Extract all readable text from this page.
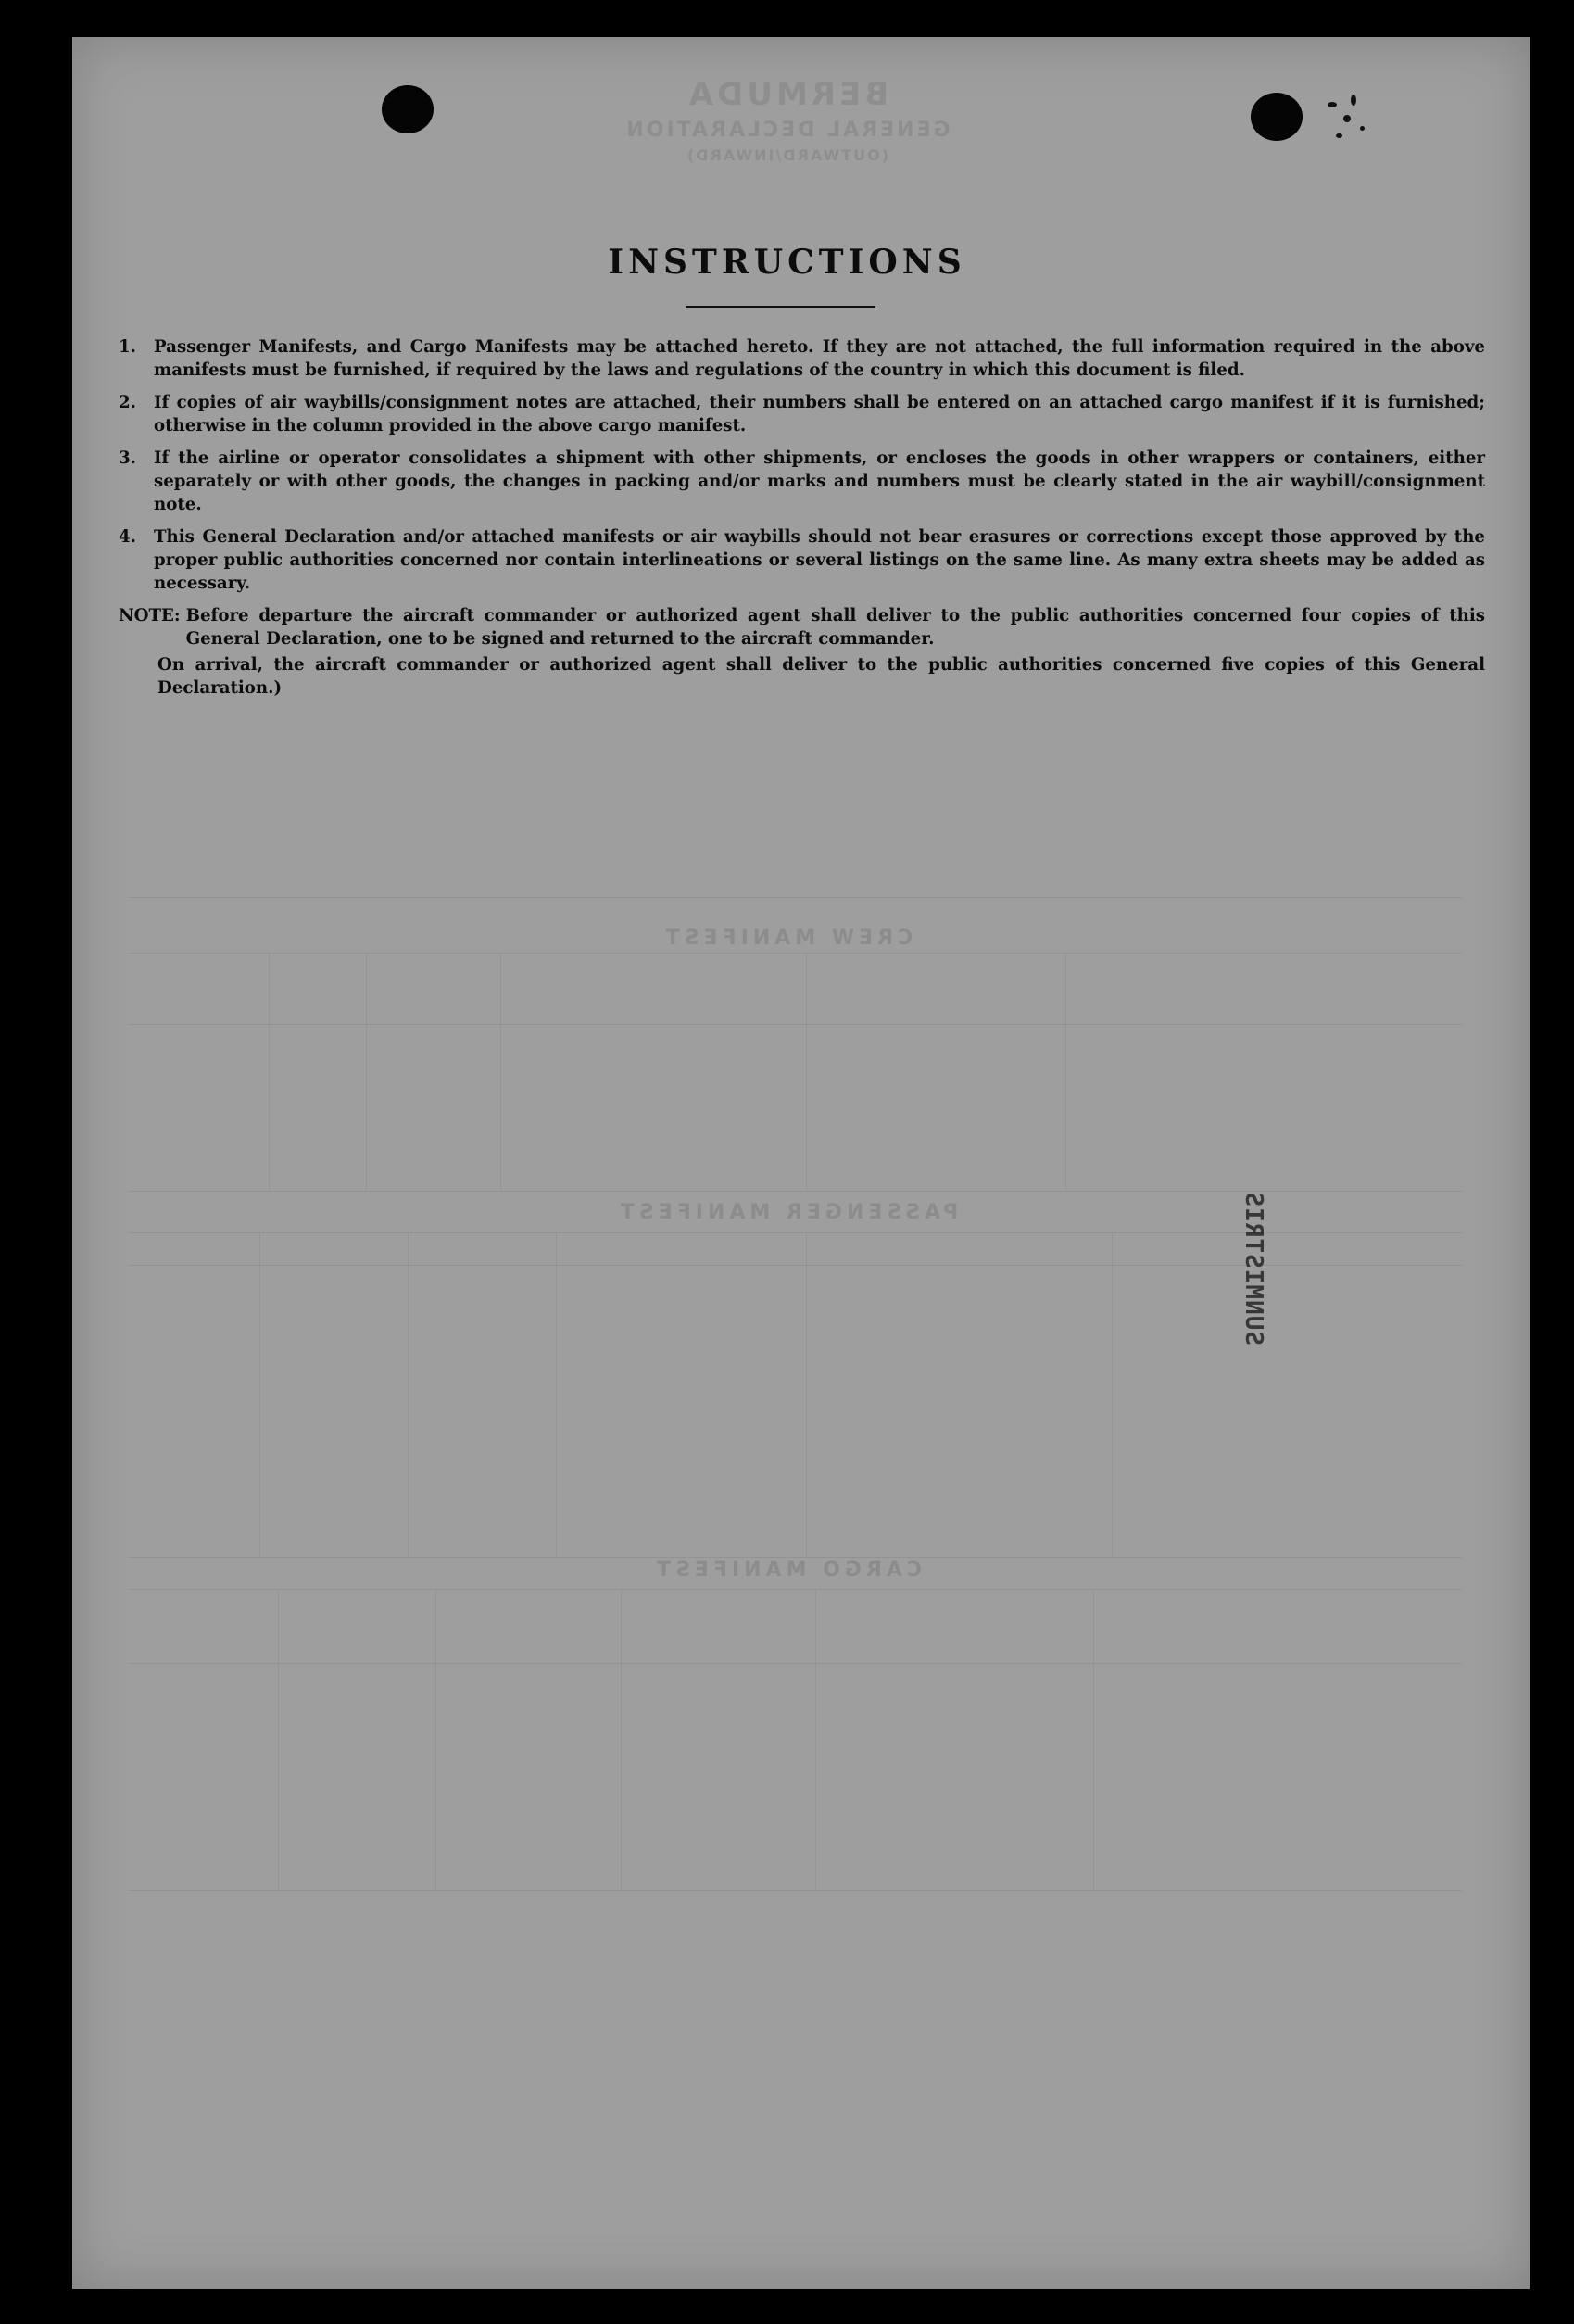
BERMUDA
GENERAL DECLARATION
(OUTWARD/INWARD)
CREW MANIFEST
PASSENGER MANIFEST
CARGO MANIFEST
INSTRUCTIONS
1.	Passenger Manifests, and Cargo Manifests may be attached hereto. If they are not attached, the full information required in the above manifests must be furnished, if required by the laws and regulations of the country in which this document is filed.
2.	If copies of air waybills/consignment notes are attached, their numbers shall be entered on an attached cargo manifest if it is furnished; otherwise in the column provided in the above cargo manifest.
3.	If the airline or operator consolidates a shipment with other shipments, or encloses the goods in other wrappers or containers, either separately or with other goods, the changes in packing and/or marks and numbers must be clearly stated in the air waybill/consignment note.
4.	This General Declaration and/or attached manifests or air waybills should not bear erasures or corrections except those approved by the proper public authorities concerned nor contain interlineations or several listings on the same line. As many extra sheets may be added as necessary.
NOTE: Before departure the aircraft commander or authorized agent shall deliver to the public authorities concerned four copies of this General Declaration, one to be signed and returned to the aircraft commander.
On arrival, the aircraft commander or authorized agent shall deliver to the public authorities concerned five copies of this General Declaration.)
SUNMISTRIS
